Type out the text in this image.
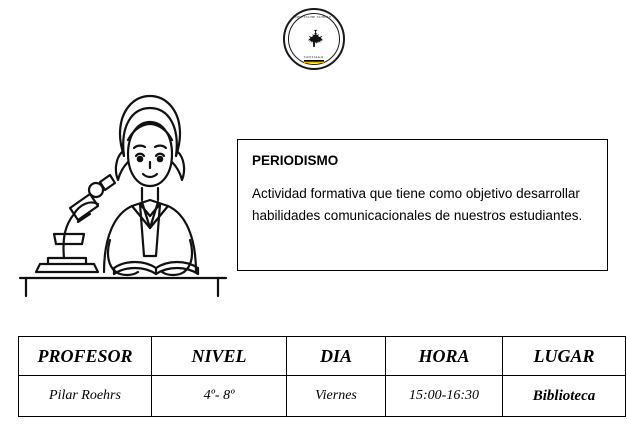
DEUTSCHE SCHULE
SANTIAGO

PERIODISMO

Actividad formativa que tiene como objetivo desarrollar habilidades comunicacionales de nuestros estudiantes.

PROFESOR	NIVEL	DIA	HORA	LUGAR
Pilar Roehrs	4º- 8º	Viernes	15:00-16:30	Biblioteca
